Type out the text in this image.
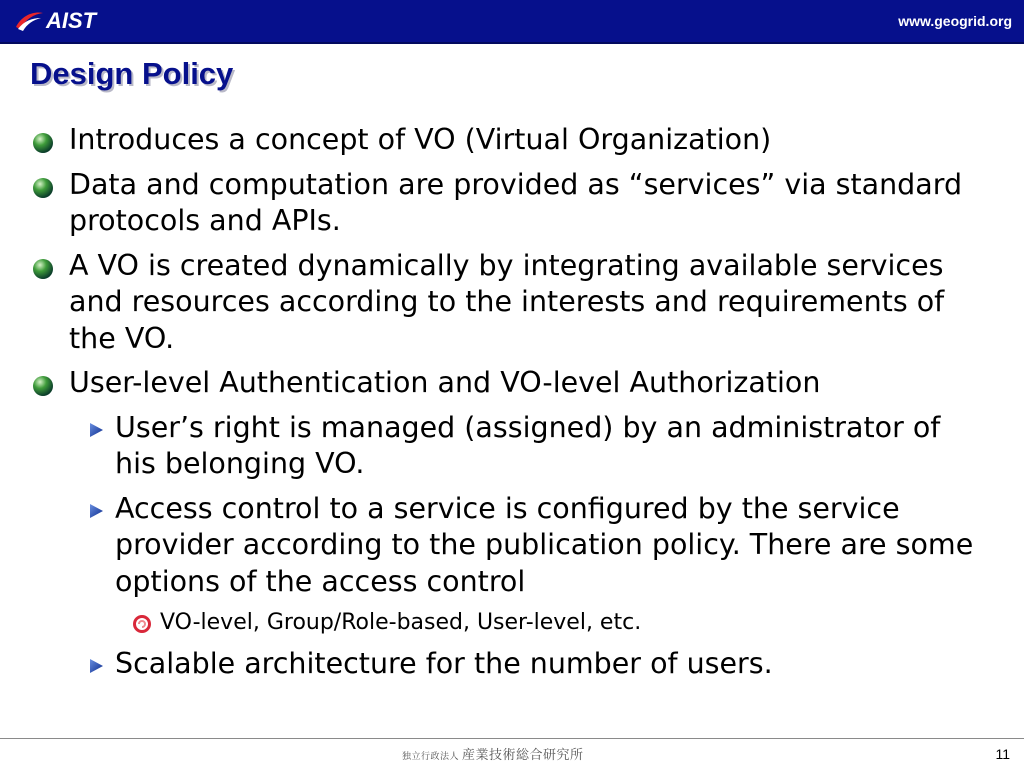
AIST	www.geogrid.org
Design Policy
Introduces a concept of VO (Virtual Organization)
Data and computation are provided as “services” via standard protocols and APIs.
A VO is created dynamically by integrating available services and resources according to the interests and requirements of the VO.
User-level Authentication and VO-level Authorization
User’s right is managed (assigned) by an administrator of his belonging VO.
Access control to a service is configured by the service provider according to the publication policy. There are some options of the access control
VO-level, Group/Role-based, User-level, etc.
Scalable architecture for the number of users.
独立行政法人 産業技術総合研究所	11
